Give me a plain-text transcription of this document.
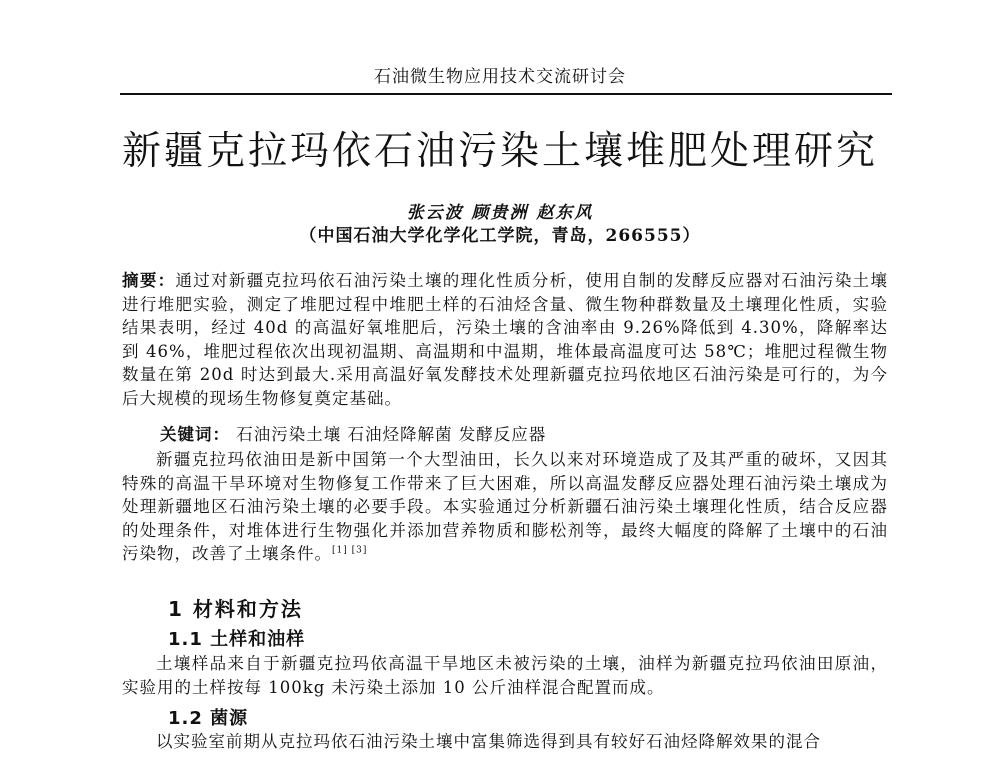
石油微生物应用技术交流研讨会
新疆克拉玛依石油污染土壤堆肥处理研究
张云波 顾贵洲 赵东风
（中国石油大学化学化工学院，青岛，266555）
摘要：通过对新疆克拉玛依石油污染土壤的理化性质分析，使用自制的发酵反应器对石油污染土壤进行堆肥实验，测定了堆肥过程中堆肥土样的石油烃含量、微生物种群数量及土壤理化性质，实验结果表明，经过 40d 的高温好氧堆肥后，污染土壤的含油率由 9.26%降低到 4.30%，降解率达到 46%，堆肥过程依次出现初温期、高温期和中温期，堆体最高温度可达 58℃；堆肥过程微生物数量在第 20d 时达到最大.采用高温好氧发酵技术处理新疆克拉玛依地区石油污染是可行的，为今后大规模的现场生物修复奠定基础。
关键词： 石油污染土壤 石油烃降解菌 发酵反应器
新疆克拉玛依油田是新中国第一个大型油田，长久以来对环境造成了及其严重的破坏，又因其特殊的高温干旱环境对生物修复工作带来了巨大困难，所以高温发酵反应器处理石油污染土壤成为处理新疆地区石油污染土壤的必要手段。本实验通过分析新疆石油污染土壤理化性质，结合反应器的处理条件，对堆体进行生物强化并添加营养物质和膨松剂等，最终大幅度的降解了土壤中的石油污染物，改善了土壤条件。[1] [3]
1 材料和方法
1.1 土样和油样
土壤样品来自于新疆克拉玛依高温干旱地区未被污染的土壤，油样为新疆克拉玛依油田原油，实验用的土样按每 100kg 未污染土添加 10 公斤油样混合配置而成。
1.2 菌源
以实验室前期从克拉玛依石油污染土壤中富集筛选得到具有较好石油烃降解效果的混合
